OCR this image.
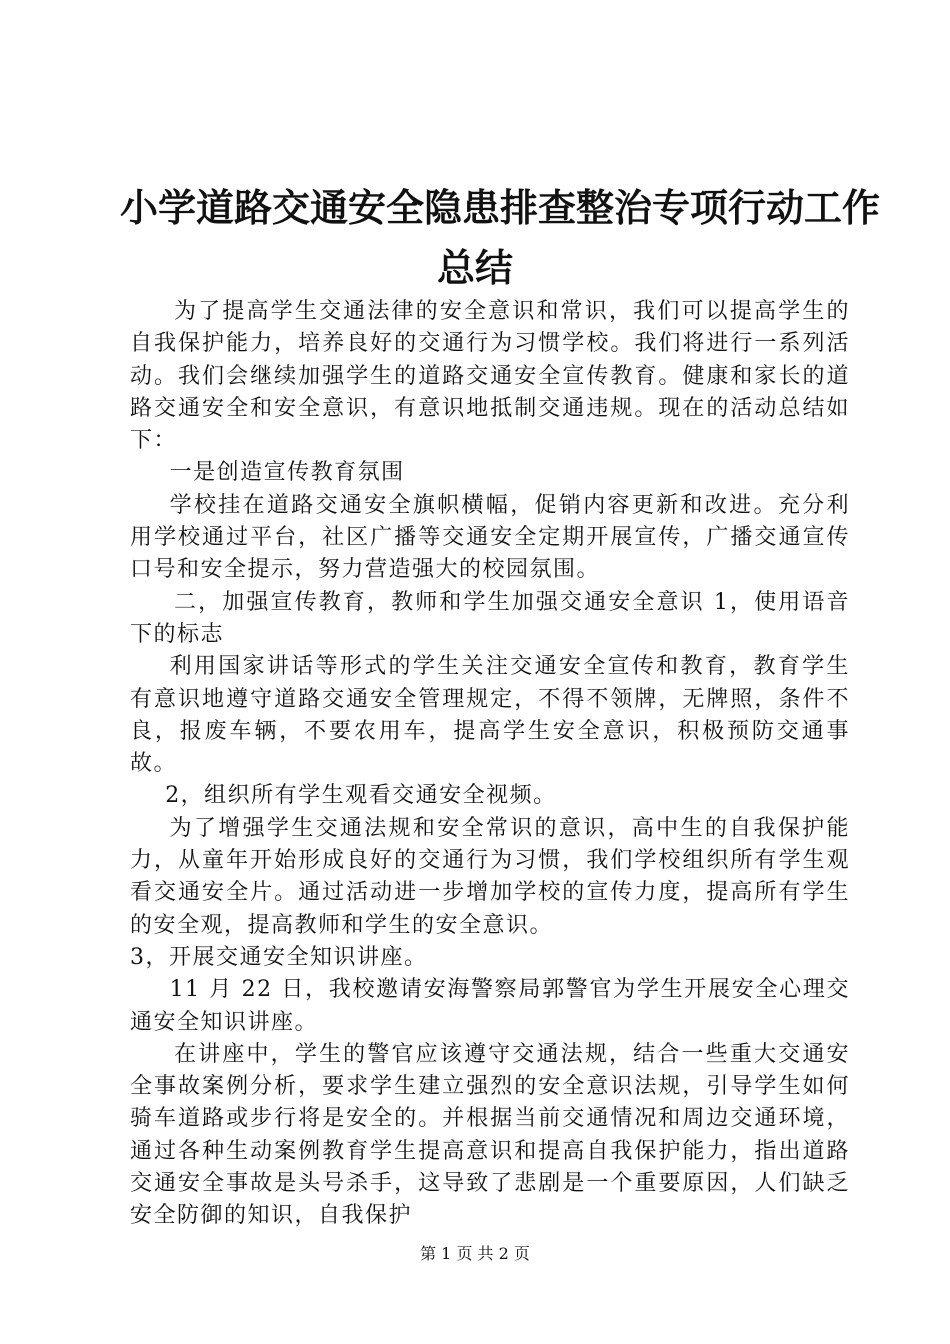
小学道路交通安全隐患排查整治专项行动工作
总结

为了提高学生交通法律的安全意识和常识，我们可以提高学生的自我保护能力，培养良好的交通行为习惯学校。我们将进行一系列活动。我们会继续加强学生的道路交通安全宣传教育。健康和家长的道路交通安全和安全意识，有意识地抵制交通违规。现在的活动总结如下：

一是创造宣传教育氛围

学校挂在道路交通安全旗帜横幅，促销内容更新和改进。充分利用学校通过平台，社区广播等交通安全定期开展宣传，广播交通宣传口号和安全提示，努力营造强大的校园氛围。

二，加强宣传教育，教师和学生加强交通安全意识 1，使用语音下的标志

利用国家讲话等形式的学生关注交通安全宣传和教育，教育学生有意识地遵守道路交通安全管理规定，不得不领牌，无牌照，条件不良，报废车辆，不要农用车，提高学生安全意识，积极预防交通事故。

2，组织所有学生观看交通安全视频。

为了增强学生交通法规和安全常识的意识，高中生的自我保护能力，从童年开始形成良好的交通行为习惯，我们学校组织所有学生观看交通安全片。通过活动进一步增加学校的宣传力度，提高所有学生的安全观，提高教师和学生的安全意识。

3，开展交通安全知识讲座。

11 月 22 日，我校邀请安海警察局郭警官为学生开展安全心理交通安全知识讲座。

在讲座中，学生的警官应该遵守交通法规，结合一些重大交通安全事故案例分析，要求学生建立强烈的安全意识法规，引导学生如何骑车道路或步行将是安全的。并根据当前交通情况和周边交通环境，通过各种生动案例教育学生提高意识和提高自我保护能力，指出道路交通安全事故是头号杀手，这导致了悲剧是一个重要原因，人们缺乏安全防御的知识，自我保护

第 1 页 共 2 页
